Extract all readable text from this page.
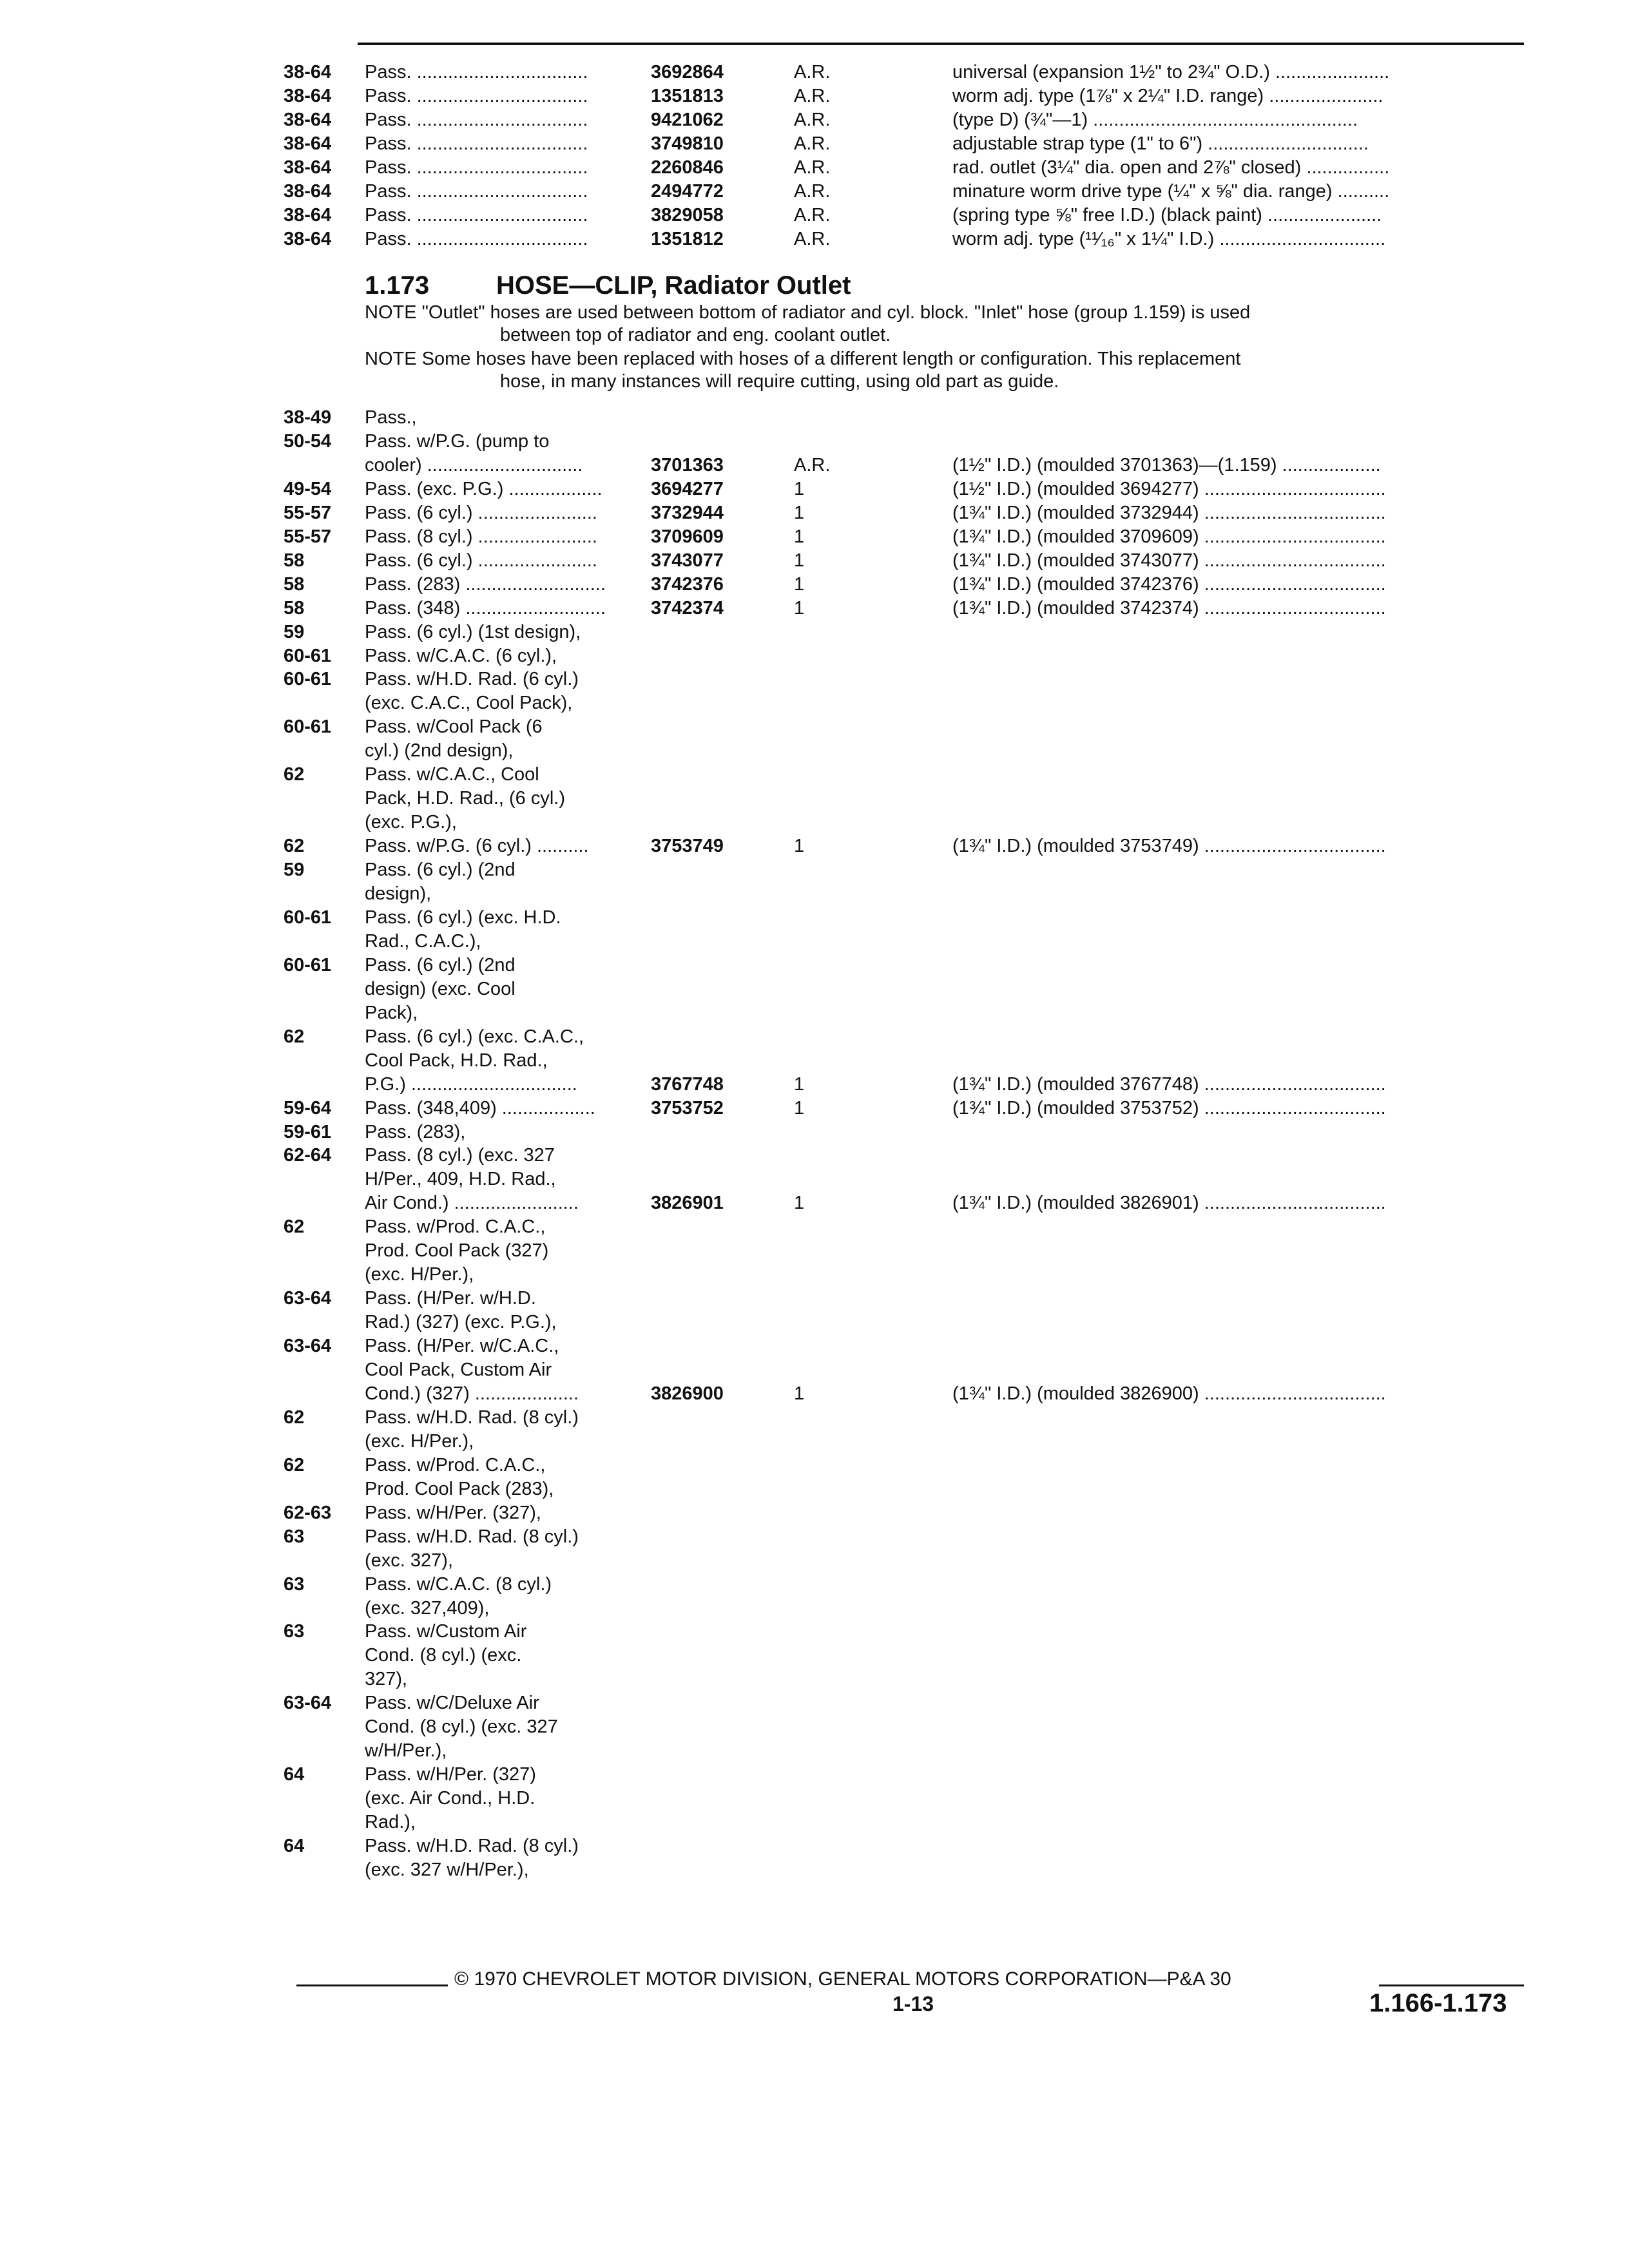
38-64 Pass. .................................	3692864	A.R.	universal (expansion 1½" to 2¾" O.D.) ......................
38-64 Pass. .................................	1351813	A.R.	worm adj. type (1⅞" x 2¼" I.D. range) ......................
38-64 Pass. .................................	9421062	A.R.	(type D) (¾"—1) ...................................................
38-64 Pass. .................................	3749810	A.R.	adjustable strap type (1" to 6") ...............................
38-64 Pass. .................................	2260846	A.R.	rad. outlet (3¼" dia. open and 2⅞" closed) ................
38-64 Pass. .................................	2494772	A.R.	minature worm drive type (¼" x ⅝" dia. range) ..........
38-64 Pass. .................................	3829058	A.R.	(spring type ⅝" free I.D.) (black paint) ......................
38-64 Pass. .................................	1351812	A.R.	worm adj. type (¹¹⁄₁₆" x 1¼" I.D.) ................................
1.173	HOSE—CLIP, Radiator Outlet
NOTE "Outlet" hoses are used between bottom of radiator and cyl. block. "Inlet" hose (group 1.159) is used
between top of radiator and eng. coolant outlet.
NOTE Some hoses have been replaced with hoses of a different length or configuration. This replacement
hose, in many instances will require cutting, using old part as guide.
38-49 Pass.,
50-54 Pass. w/P.G. (pump to
cooler) ..............................	3701363	A.R.	(1½" I.D.) (moulded 3701363)—(1.159) ...................
49-54 Pass. (exc. P.G.) ..................	3694277	1	(1½" I.D.) (moulded 3694277) ...................................
55-57 Pass. (6 cyl.) .......................	3732944	1	(1¾" I.D.) (moulded 3732944) ...................................
55-57 Pass. (8 cyl.) .......................	3709609	1	(1¾" I.D.) (moulded 3709609) ...................................
58	Pass. (6 cyl.) .......................	3743077	1	(1¾" I.D.) (moulded 3743077) ...................................
58	Pass. (283) ...........................	3742376	1	(1¾" I.D.) (moulded 3742376) ...................................
58	Pass. (348) ...........................	3742374	1	(1¾" I.D.) (moulded 3742374) ...................................
59	Pass. (6 cyl.) (1st design),
60-61 Pass. w/C.A.C. (6 cyl.),
60-61 Pass. w/H.D. Rad. (6 cyl.)
(exc. C.A.C., Cool Pack),
60-61 Pass. w/Cool Pack (6
cyl.) (2nd design),
62	Pass. w/C.A.C., Cool
Pack, H.D. Rad., (6 cyl.)
(exc. P.G.),
62	Pass. w/P.G. (6 cyl.) ..........	3753749	1	(1¾" I.D.) (moulded 3753749) ...................................
59	Pass. (6 cyl.) (2nd
design),
60-61 Pass. (6 cyl.) (exc. H.D.
Rad., C.A.C.),
60-61 Pass. (6 cyl.) (2nd
design) (exc. Cool
Pack),
62	Pass. (6 cyl.) (exc. C.A.C.,
Cool Pack, H.D. Rad.,
P.G.) ................................	3767748	1	(1¾" I.D.) (moulded 3767748) ...................................
59-64 Pass. (348,409) ..................	3753752	1	(1¾" I.D.) (moulded 3753752) ...................................
59-61 Pass. (283),
62-64 Pass. (8 cyl.) (exc. 327
H/Per., 409, H.D. Rad.,
Air Cond.) ........................	3826901	1	(1¾" I.D.) (moulded 3826901) ...................................
62	Pass. w/Prod. C.A.C.,
Prod. Cool Pack (327)
(exc. H/Per.),
63-64 Pass. (H/Per. w/H.D.
Rad.) (327) (exc. P.G.),
63-64 Pass. (H/Per. w/C.A.C.,
Cool Pack, Custom Air
Cond.) (327) ....................	3826900	1	(1¾" I.D.) (moulded 3826900) ...................................
62	Pass. w/H.D. Rad. (8 cyl.)
(exc. H/Per.),
62	Pass. w/Prod. C.A.C.,
Prod. Cool Pack (283),
62-63 Pass. w/H/Per. (327),
63	Pass. w/H.D. Rad. (8 cyl.)
(exc. 327),
63	Pass. w/C.A.C. (8 cyl.)
(exc. 327,409),
63	Pass. w/Custom Air
Cond. (8 cyl.) (exc.
327),
63-64 Pass. w/C/Deluxe Air
Cond. (8 cyl.) (exc. 327
w/H/Per.),
64	Pass. w/H/Per. (327)
(exc. Air Cond., H.D.
Rad.),
64	Pass. w/H.D. Rad. (8 cyl.)
(exc. 327 w/H/Per.),
© 1970 CHEVROLET MOTOR DIVISION, GENERAL MOTORS CORPORATION—P&A 30
1-13	1.166-1.173
